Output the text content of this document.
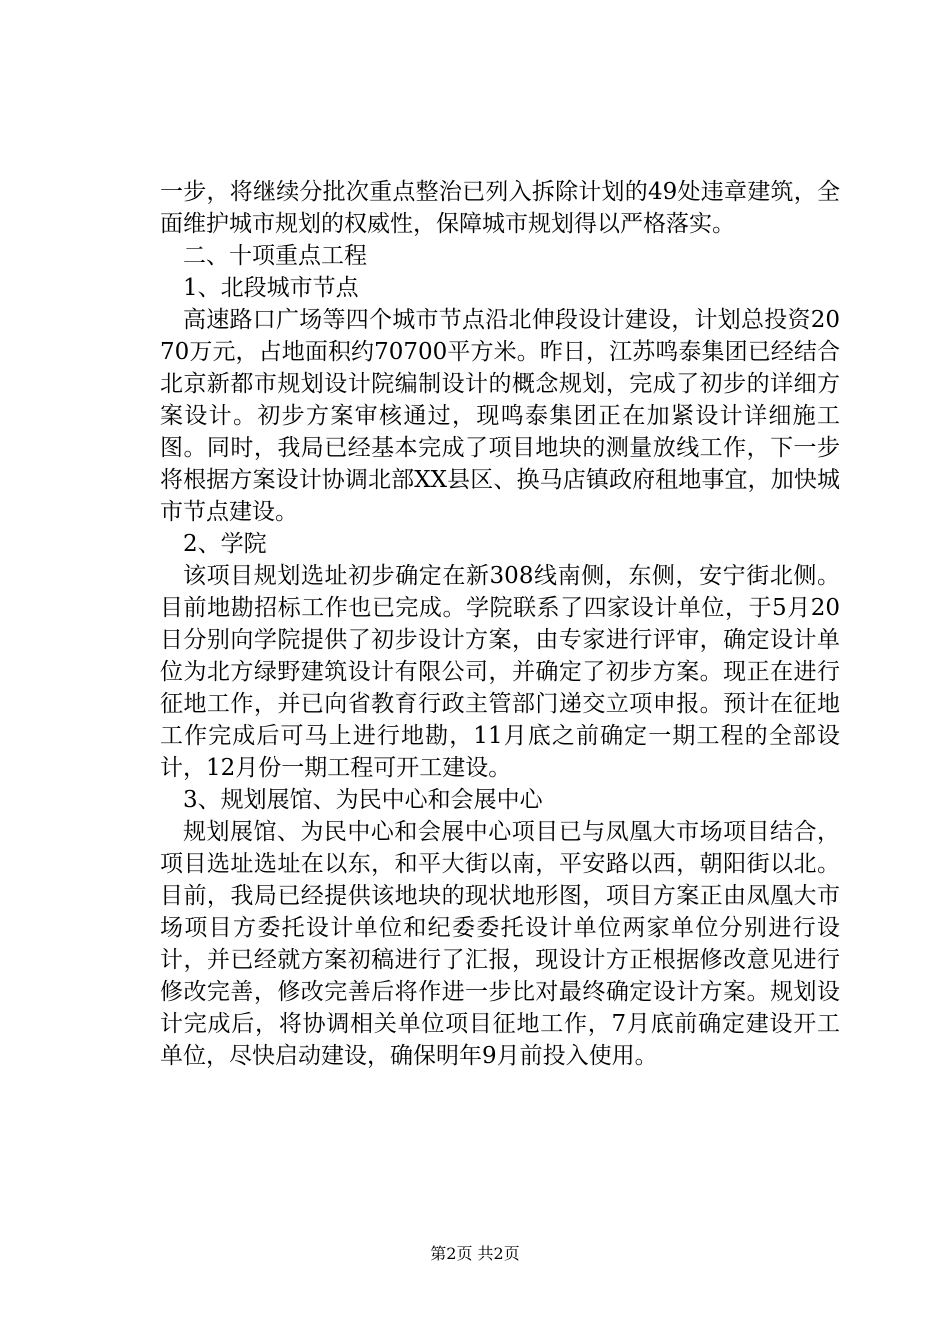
一步，将继续分批次重点整治已列入拆除计划的49处违章建筑，全面维护城市规划的权威性，保障城市规划得以严格落实。

二、十项重点工程

1、北段城市节点

高速路口广场等四个城市节点沿北伸段设计建设，计划总投资2070万元，占地面积约70700平方米。昨日，江苏鸣泰集团已经结合北京新都市规划设计院编制设计的概念规划，完成了初步的详细方案设计。初步方案审核通过，现鸣泰集团正在加紧设计详细施工图。同时，我局已经基本完成了项目地块的测量放线工作，下一步将根据方案设计协调北部XX县区、换马店镇政府租地事宜，加快城市节点建设。

2、学院

该项目规划选址初步确定在新308线南侧，东侧，安宁街北侧。目前地勘招标工作也已完成。学院联系了四家设计单位，于5月20日分别向学院提供了初步设计方案，由专家进行评审，确定设计单位为北方绿野建筑设计有限公司，并确定了初步方案。现正在进行征地工作，并已向省教育行政主管部门递交立项申报。预计在征地工作完成后可马上进行地勘，11月底之前确定一期工程的全部设计，12月份一期工程可开工建设。

3、规划展馆、为民中心和会展中心

规划展馆、为民中心和会展中心项目已与凤凰大市场项目结合，项目选址选址在以东，和平大街以南，平安路以西，朝阳街以北。目前，我局已经提供该地块的现状地形图，项目方案正由凤凰大市场项目方委托设计单位和纪委委托设计单位两家单位分别进行设计，并已经就方案初稿进行了汇报，现设计方正根据修改意见进行修改完善，修改完善后将作进一步比对最终确定设计方案。规划设计完成后，将协调相关单位项目征地工作，7月底前确定建设开工单位，尽快启动建设，确保明年9月前投入使用。

第2页 共2页
